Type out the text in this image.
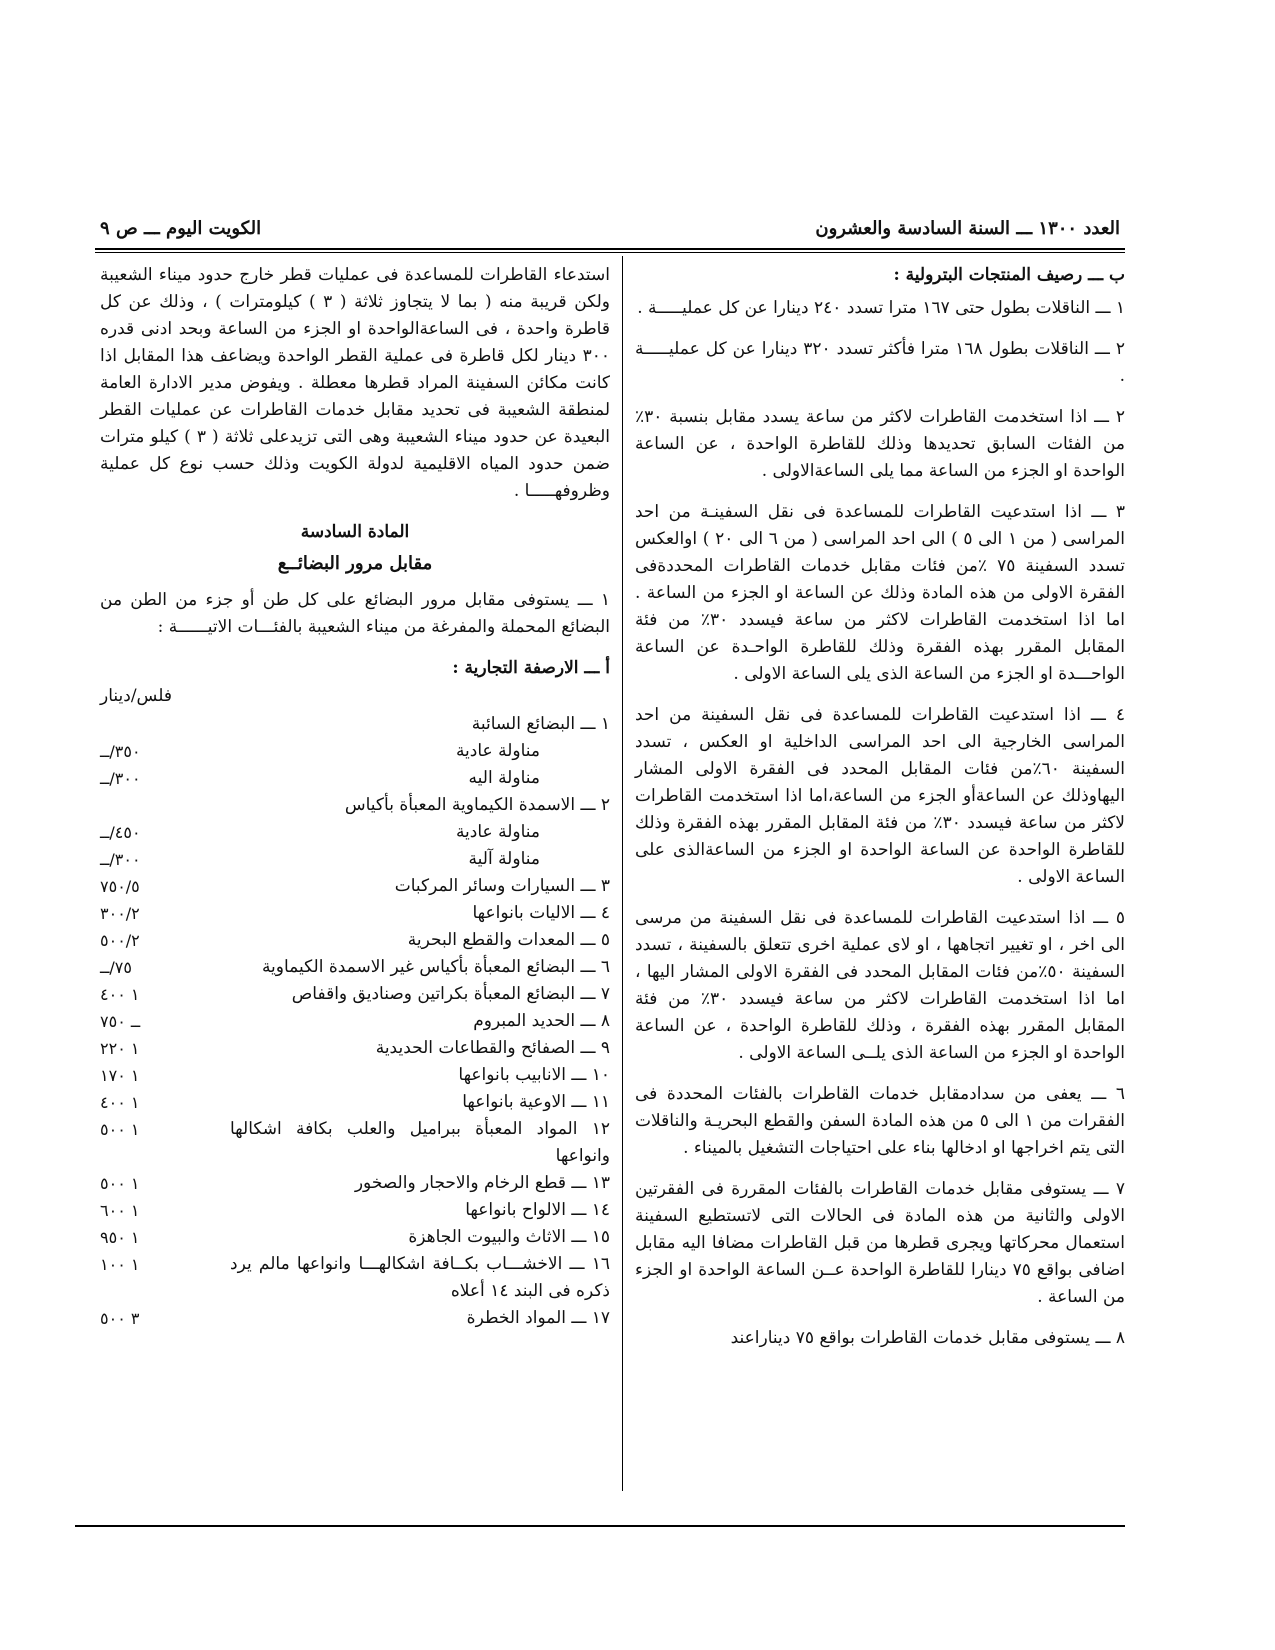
العدد ١٣٠٠ ـــ السنة السادسة والعشرون
الكويت اليوم ـــ ص ٩
ب ـــ رصيف المنتجات البترولية :

١ ـــ الناقلات بطول حتى ١٦٧ مترا تسدد ٢٤٠ دينارا عن كل عمليـــــة .

٢ ـــ الناقلات بطول ١٦٨ مترا فأكثر تسدد ٣٢٠ دينارا عن كل عمليـــــة .

٢ ـــ اذا استخدمت القاطرات لاكثر من ساعة يسدد مقابل بنسبة ٣٠٪ من الفئات السابق تحديدها وذلك للقاطرة الواحدة ، عن الساعة الواحدة او الجزء من الساعة مما يلى الساعةالاولى .

٣ ـــ اذا استدعيت القاطرات للمساعدة فى نقل السفينـة من احد المراسى ( من ١ الى ٥ ) الى احد المراسى ( من ٦ الى ٢٠ ) اوالعكس تسدد السفينة ٧٥ ٪من فئات مقابل خدمات القاطرات المحددةفى الفقرة الاولى من هذه المادة وذلك عن الساعة او الجزء من الساعة . اما اذا استخدمت القاطرات لاكثر من ساعة فيسدد ٣٠٪ من فئة المقابل المقرر بهذه الفقرة وذلك للقاطرة الواحـدة عن الساعة الواحـــدة او الجزء من الساعة الذى يلى الساعة الاولى .

٤ ـــ اذا استدعيت القاطرات للمساعدة فى نقل السفينة من احد المراسى الخارجية الى احد المراسى الداخلية او العكس ، تسدد السفينة ٦٠٪من فئات المقابل المحدد فى الفقرة الاولى المشار اليهاوذلك عن الساعةأو الجزء من الساعة،اما اذا استخدمت القاطرات لاكثر من ساعة فيسدد ٣٠٪ من فئة المقابل المقرر بهذه الفقرة وذلك للقاطرة الواحدة عن الساعة الواحدة او الجزء من الساعةالذى على الساعة الاولى .

٥ ـــ اذا استدعيت القاطرات للمساعدة فى نقل السفينة من مرسى الى اخر ، او تغيير اتجاهها ، او لاى عملية اخرى تتعلق بالسفينة ، تسدد السفينة ٥٠٪من فئات المقابل المحدد فى الفقرة الاولى المشار اليها ، اما اذا استخدمت القاطرات لاكثر من ساعة فيسدد ٣٠٪ من فئة المقابل المقرر بهذه الفقرة ، وذلك للقاطرة الواحدة ، عن الساعة الواحدة او الجزء من الساعة الذى يلــى الساعة الاولى .

٦ ـــ يعفى من سدادمقابل خدمات القاطرات بالفئات المحددة فى الفقرات من ١ الى ٥ من هذه المادة السفن والقطع البحريـة والناقلات التى يتم اخراجها او ادخالها بناء على احتياجات التشغيل بالميناء .

٧ ـــ يستوفى مقابل خدمات القاطرات بالفئات المقررة فى الفقرتين الاولى والثانية من هذه المادة فى الحالات التى لاتستطيع السفينة استعمال محركاتها ويجرى قطرها من قبل القاطرات مضافا اليه مقابل اضافى بواقع ٧٥ دينارا للقاطرة الواحدة عــن الساعة الواحدة او الجزء من الساعة .

٨ ـــ يستوفى مقابل خدمات القاطرات بواقع ٧٥ ديناراعند

استدعاء القاطرات للمساعدة فى عمليات قطر خارج حدود ميناء الشعيبة ولكن قريبة منه ( بما لا يتجاوز ثلاثة ( ٣ ) كيلومترات ) ، وذلك عن كل قاطرة واحدة ، فى الساعةالواحدة او الجزء من الساعة وبحد ادنى قدره ٣٠٠ دينار لكل قاطرة فى عملية القطر الواحدة ويضاعف هذا المقابل اذا كانت مكائن السفينة المراد قطرها معطلة . ويفوض مدير الادارة العامة لمنطقة الشعيبة فى تحديد مقابل خدمات القاطرات عن عمليات القطر البعيدة عن حدود ميناء الشعيبة وهى التى تزيدعلى ثلاثة ( ٣ ) كيلو مترات ضمن حدود المياه الاقليمية لدولة الكويت وذلك حسب نوع كل عملية وظروفهـــــا .

المادة السادسة
مقابل مرور البضائــع

١ ـــ يستوفى مقابل مرور البضائع على كل طن أو جزء من الطن من البضائع المحملة والمفرغة من ميناء الشعيبة بالفئـــات الاتيــــــة :

أ ـــ الارصفة التجارية :
فلس/دينار
١ ـــ البضائع السائبة
مناولة عادية
٣٥٠/ــ
مناولة اليه
٣٠٠/ــ
٢ ـــ الاسمدة الكيماوية المعبأة بأكياس
مناولة عادية
٤٥٠/ــ
مناولة آلية
٣٠٠/ــ
٣ ـــ السيارات وسائر المركبات
٧٥٠/٥
٤ ـــ الاليات بانواعها
٣٠٠/٢
٥ ـــ المعدات والقطع البحرية
٥٠٠/٢
٦ ـــ البضائع المعبأة بأكياس غير الاسمدة الكيماوية
٧٥/ــ
٧ ـــ البضائع المعبأة بكراتين وصناديق واقفاص
١ ٤٠٠
٨ ـــ الحديد المبروم
ــ ٧٥٠
٩ ـــ الصفائح والقطاعات الحديدية
١ ٢٢٠
١٠ ـــ الانابيب بانواعها
١ ١٧٠
١١ ـــ الاوعية بانواعها
١ ٤٠٠
١٢ المواد المعبأة ببراميل والعلب بكافة اشكالها وانواعها
١ ٥٠٠
١٣ ـــ قطع الرخام والاحجار والصخور
١ ٥٠٠
١٤ ـــ الالواح بانواعها
١ ٦٠٠
١٥ ـــ الاثاث والبيوت الجاهزة
١ ٩٥٠
١٦ ـــ الاخشـــاب بكــافة اشكالهـــا وانواعها مالم يرد ذكره فى البند ١٤ أعلاه
١ ١٠٠
١٧ ـــ المواد الخطرة
٣ ٥٠٠
